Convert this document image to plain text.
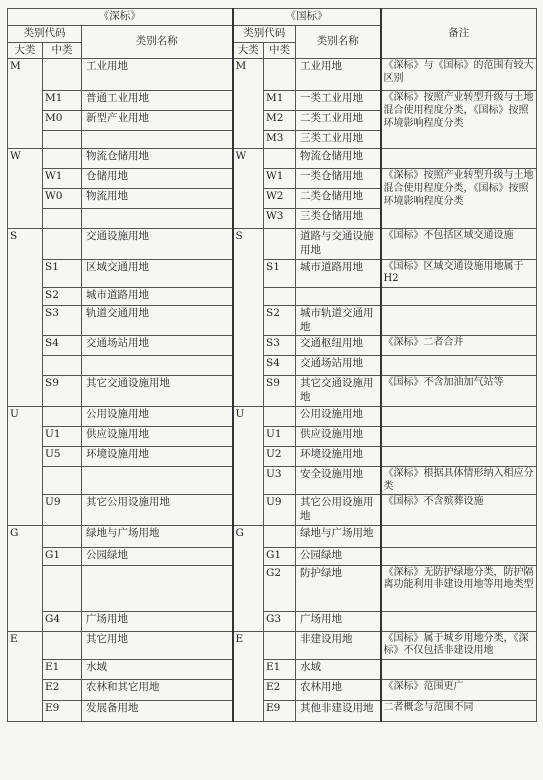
《深标》			《国标》			备注
类别代码		类别名称	类别代码		类别名称	
大类	中类		大类	中类		
M		工业用地	M		工业用地	《深标》与《国标》的范围有较大区别
	M1	普通工业用地		M1	一类工业用地	《深标》按照产业转型升级与土地混合使用程度分类，《国标》按照环境影响程度分类
	M0	新型产业用地		M2	二类工业用地	
				M3	三类工业用地	
W		物流仓储用地	W		物流仓储用地	
	W1	仓储用地		W1	一类仓储用地	《深标》按照产业转型升级与土地混合使用程度分类，《国标》按照环境影响程度分类
	W0	物流用地		W2	二类仓储用地	
				W3	三类仓储用地	
S		交通设施用地	S		道路与交通设施用地	《国标》不包括区域交通设施
	S1	区域交通用地		S1	城市道路用地	《国标》区域交通设施用地属于 H2
	S2	城市道路用地				
	S3	轨道交通用地		S2	城市轨道交通用地	
	S4	交通场站用地		S3	交通枢纽用地	《深标》二者合并
				S4	交通场站用地	
	S9	其它交通设施用地		S9	其它交通设施用地	《国标》不含加油加气站等
U		公用设施用地	U		公用设施用地	
	U1	供应设施用地		U1	供应设施用地	
	U5	环境设施用地		U2	环境设施用地	
				U3	安全设施用地	《深标》根据具体情形纳入相应分类
	U9	其它公用设施用地		U9	其它公用设施用地	《国标》不含殡葬设施
G		绿地与广场用地	G		绿地与广场用地	
	G1	公园绿地		G1	公园绿地	
				G2	防护绿地	《深标》无防护绿地分类，防护隔离功能利用非建设用地等用地类型
	G4	广场用地		G3	广场用地	
E		其它用地	E		非建设用地	《国标》属于城乡用地分类，《深标》不仅包括非建设用地
	E1	水域		E1	水域	
	E2	农林和其它用地		E2	农林用地	《深标》范围更广
	E9	发展备用地		E9	其他非建设用地	二者概念与范围不同
